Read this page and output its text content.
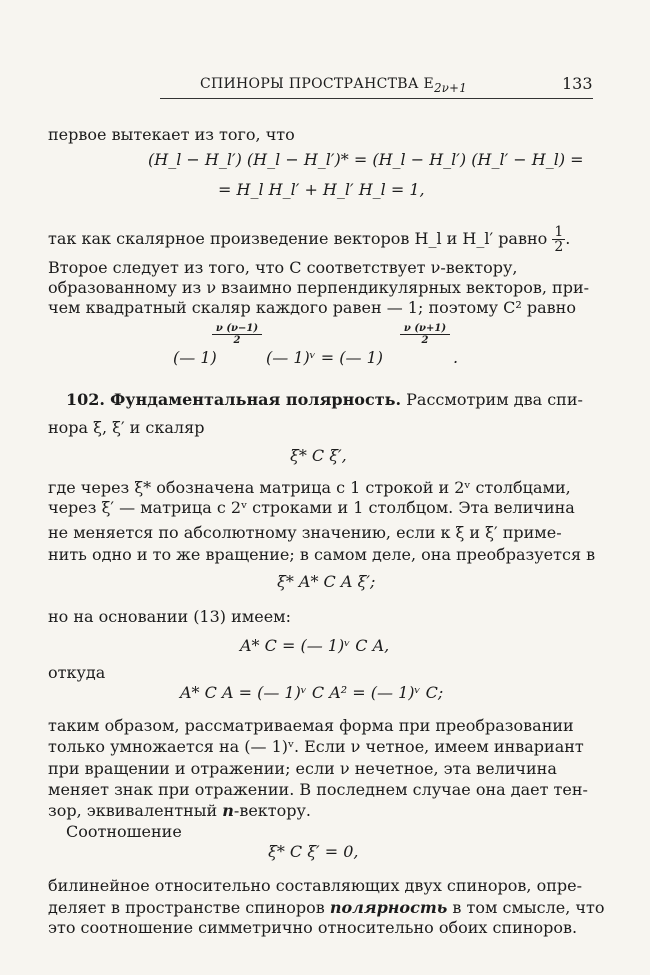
СПИНОРЫ ПРОСТРАНСТВА $E_{2\nu+1}$	133
первое вытекает из того, что
(H_l − H_l′) (H_l − H_l′)* = (H_l − H_l′) (H_l′ − H_l) =
= H_l H_l′ + H_l′ H_l = 1,
так как скалярное произведение векторов H_l и H_l′ равно $\frac{1}{2}$ .
Второе следует из того, что C соответствует ν-вектору,
образованному из ν взаимно перпендикулярных векторов, при-
чем квадратный скаляр каждого равен — 1; поэтому C² равно
(— 1)
ν (ν−1)
2
(— 1)ᵛ = (— 1)
ν (ν+1)
2
.
102. Фундаментальная полярность. Рассмотрим два спи-
нора ξ, ξ′ и скаляр
ξ* C ξ′,
где через ξ* обозначена матрица с 1 строкой и 2ᵛ столбцами,
через ξ′ — матрица с 2ᵛ строками и 1 столбцом. Эта величина
не меняется по абсолютному значению, если к ξ и ξ′ приме-
нить одно и то же вращение; в самом деле, она преобразуется в
ξ* A* C A ξ′;
но на основании (13) имеем:
A* C = (— 1)ᵛ C A,
откуда
A* C A = (— 1)ᵛ C A² = (— 1)ᵛ C;
таким образом, рассматриваемая форма при преобразовании
только умножается на (— 1)ᵛ. Если ν четное, имеем инвариант
при вращении и отражении; если ν нечетное, эта величина
меняет знак при отражении. В последнем случае она дает тен-
зор, эквивалентный n-вектору.
Соотношение
ξ* C ξ′ = 0,
билинейное относительно составляющих двух спиноров, опре-
деляет в пространстве спиноров полярность в том смысле, что
это соотношение симметрично относительно обоих спиноров.
